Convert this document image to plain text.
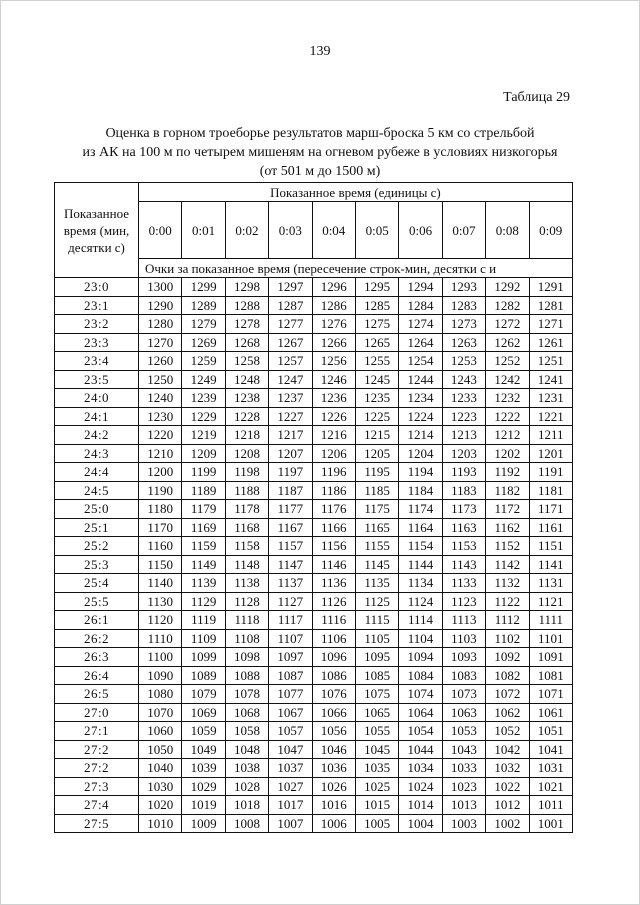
139
Таблица 29
Оценка в горном троеборье результатов марш-броска 5 км со стрельбой
из АК на 100 м по четырем мишеням на огневом рубеже в условиях низкогорья
(от 501 м до 1500 м)
Показанное время (мин, десятки с)	Показанное время (единицы с)									
	0:00	0:01	0:02	0:03	0:04	0:05	0:06	0:07	0:08	0:09
	Очки за показанное время (пересечение строк-мин, десятки с и									
23:0	1300	1299	1298	1297	1296	1295	1294	1293	1292	1291
23:1	1290	1289	1288	1287	1286	1285	1284	1283	1282	1281
23:2	1280	1279	1278	1277	1276	1275	1274	1273	1272	1271
23:3	1270	1269	1268	1267	1266	1265	1264	1263	1262	1261
23:4	1260	1259	1258	1257	1256	1255	1254	1253	1252	1251
23:5	1250	1249	1248	1247	1246	1245	1244	1243	1242	1241
24:0	1240	1239	1238	1237	1236	1235	1234	1233	1232	1231
24:1	1230	1229	1228	1227	1226	1225	1224	1223	1222	1221
24:2	1220	1219	1218	1217	1216	1215	1214	1213	1212	1211
24:3	1210	1209	1208	1207	1206	1205	1204	1203	1202	1201
24:4	1200	1199	1198	1197	1196	1195	1194	1193	1192	1191
24:5	1190	1189	1188	1187	1186	1185	1184	1183	1182	1181
25:0	1180	1179	1178	1177	1176	1175	1174	1173	1172	1171
25:1	1170	1169	1168	1167	1166	1165	1164	1163	1162	1161
25:2	1160	1159	1158	1157	1156	1155	1154	1153	1152	1151
25:3	1150	1149	1148	1147	1146	1145	1144	1143	1142	1141
25:4	1140	1139	1138	1137	1136	1135	1134	1133	1132	1131
25:5	1130	1129	1128	1127	1126	1125	1124	1123	1122	1121
26:1	1120	1119	1118	1117	1116	1115	1114	1113	1112	1111
26:2	1110	1109	1108	1107	1106	1105	1104	1103	1102	1101
26:3	1100	1099	1098	1097	1096	1095	1094	1093	1092	1091
26:4	1090	1089	1088	1087	1086	1085	1084	1083	1082	1081
26:5	1080	1079	1078	1077	1076	1075	1074	1073	1072	1071
27:0	1070	1069	1068	1067	1066	1065	1064	1063	1062	1061
27:1	1060	1059	1058	1057	1056	1055	1054	1053	1052	1051
27:2	1050	1049	1048	1047	1046	1045	1044	1043	1042	1041
27:2	1040	1039	1038	1037	1036	1035	1034	1033	1032	1031
27:3	1030	1029	1028	1027	1026	1025	1024	1023	1022	1021
27:4	1020	1019	1018	1017	1016	1015	1014	1013	1012	1011
27:5	1010	1009	1008	1007	1006	1005	1004	1003	1002	1001
